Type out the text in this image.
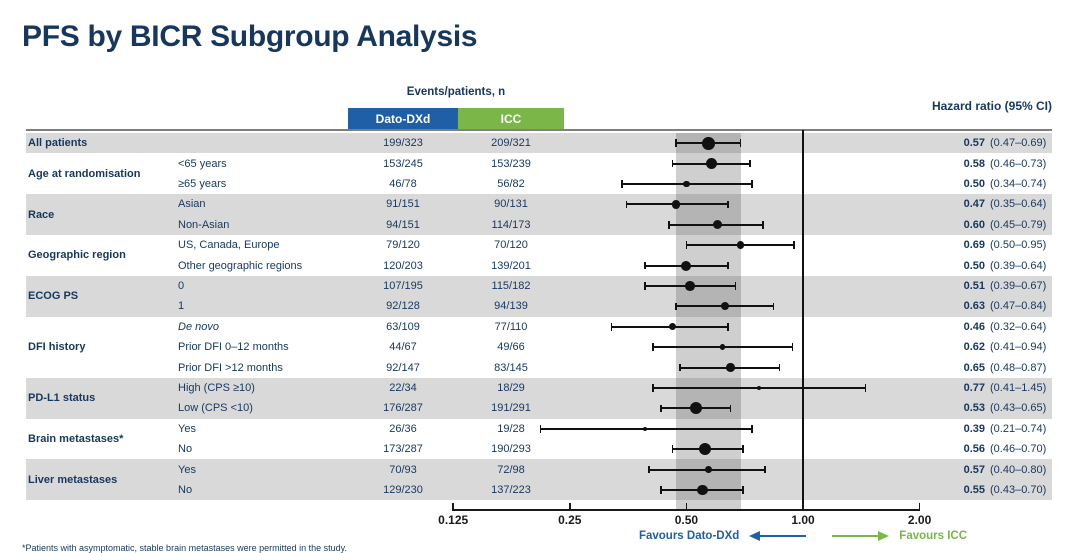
PFS by BICR Subgroup Analysis
Events/patients, n
Dato-DXd	ICC
Hazard ratio (95% CI)
All patients	199/323	209/321	0.57 (0.47–0.69)
Age at randomisation
<65 years	153/245	153/239	0.58 (0.46–0.73)
≥65 years	46/78	56/82	0.50 (0.34–0.74)
Race
Asian	91/151	90/131	0.47 (0.35–0.64)
Non-Asian	94/151	114/173	0.60 (0.45–0.79)
Geographic region
US, Canada, Europe	79/120	70/120	0.69 (0.50–0.95)
Other geographic regions	120/203	139/201	0.50 (0.39–0.64)
ECOG PS
0	107/195	115/182	0.51 (0.39–0.67)
1	92/128	94/139	0.63 (0.47–0.84)
DFI history
De novo	63/109	77/110	0.46 (0.32–0.64)
Prior DFI 0–12 months	44/67	49/66	0.62 (0.41–0.94)
Prior DFI >12 months	92/147	83/145	0.65 (0.48–0.87)
PD-L1 status
High (CPS ≥10)	22/34	18/29	0.77 (0.41–1.45)
Low (CPS <10)	176/287	191/291	0.53 (0.43–0.65)
Brain metastases*
Yes	26/36	19/28	0.39 (0.21–0.74)
No	173/287	190/293	0.56 (0.46–0.70)
Liver metastases
Yes	70/93	72/98	0.57 (0.40–0.80)
No	129/230	137/223	0.55 (0.43–0.70)
0.125	0.25	0.50	1.00	2.00
Favours Dato-DXd	Favours ICC
*Patients with asymptomatic, stable brain metastases were permitted in the study.
